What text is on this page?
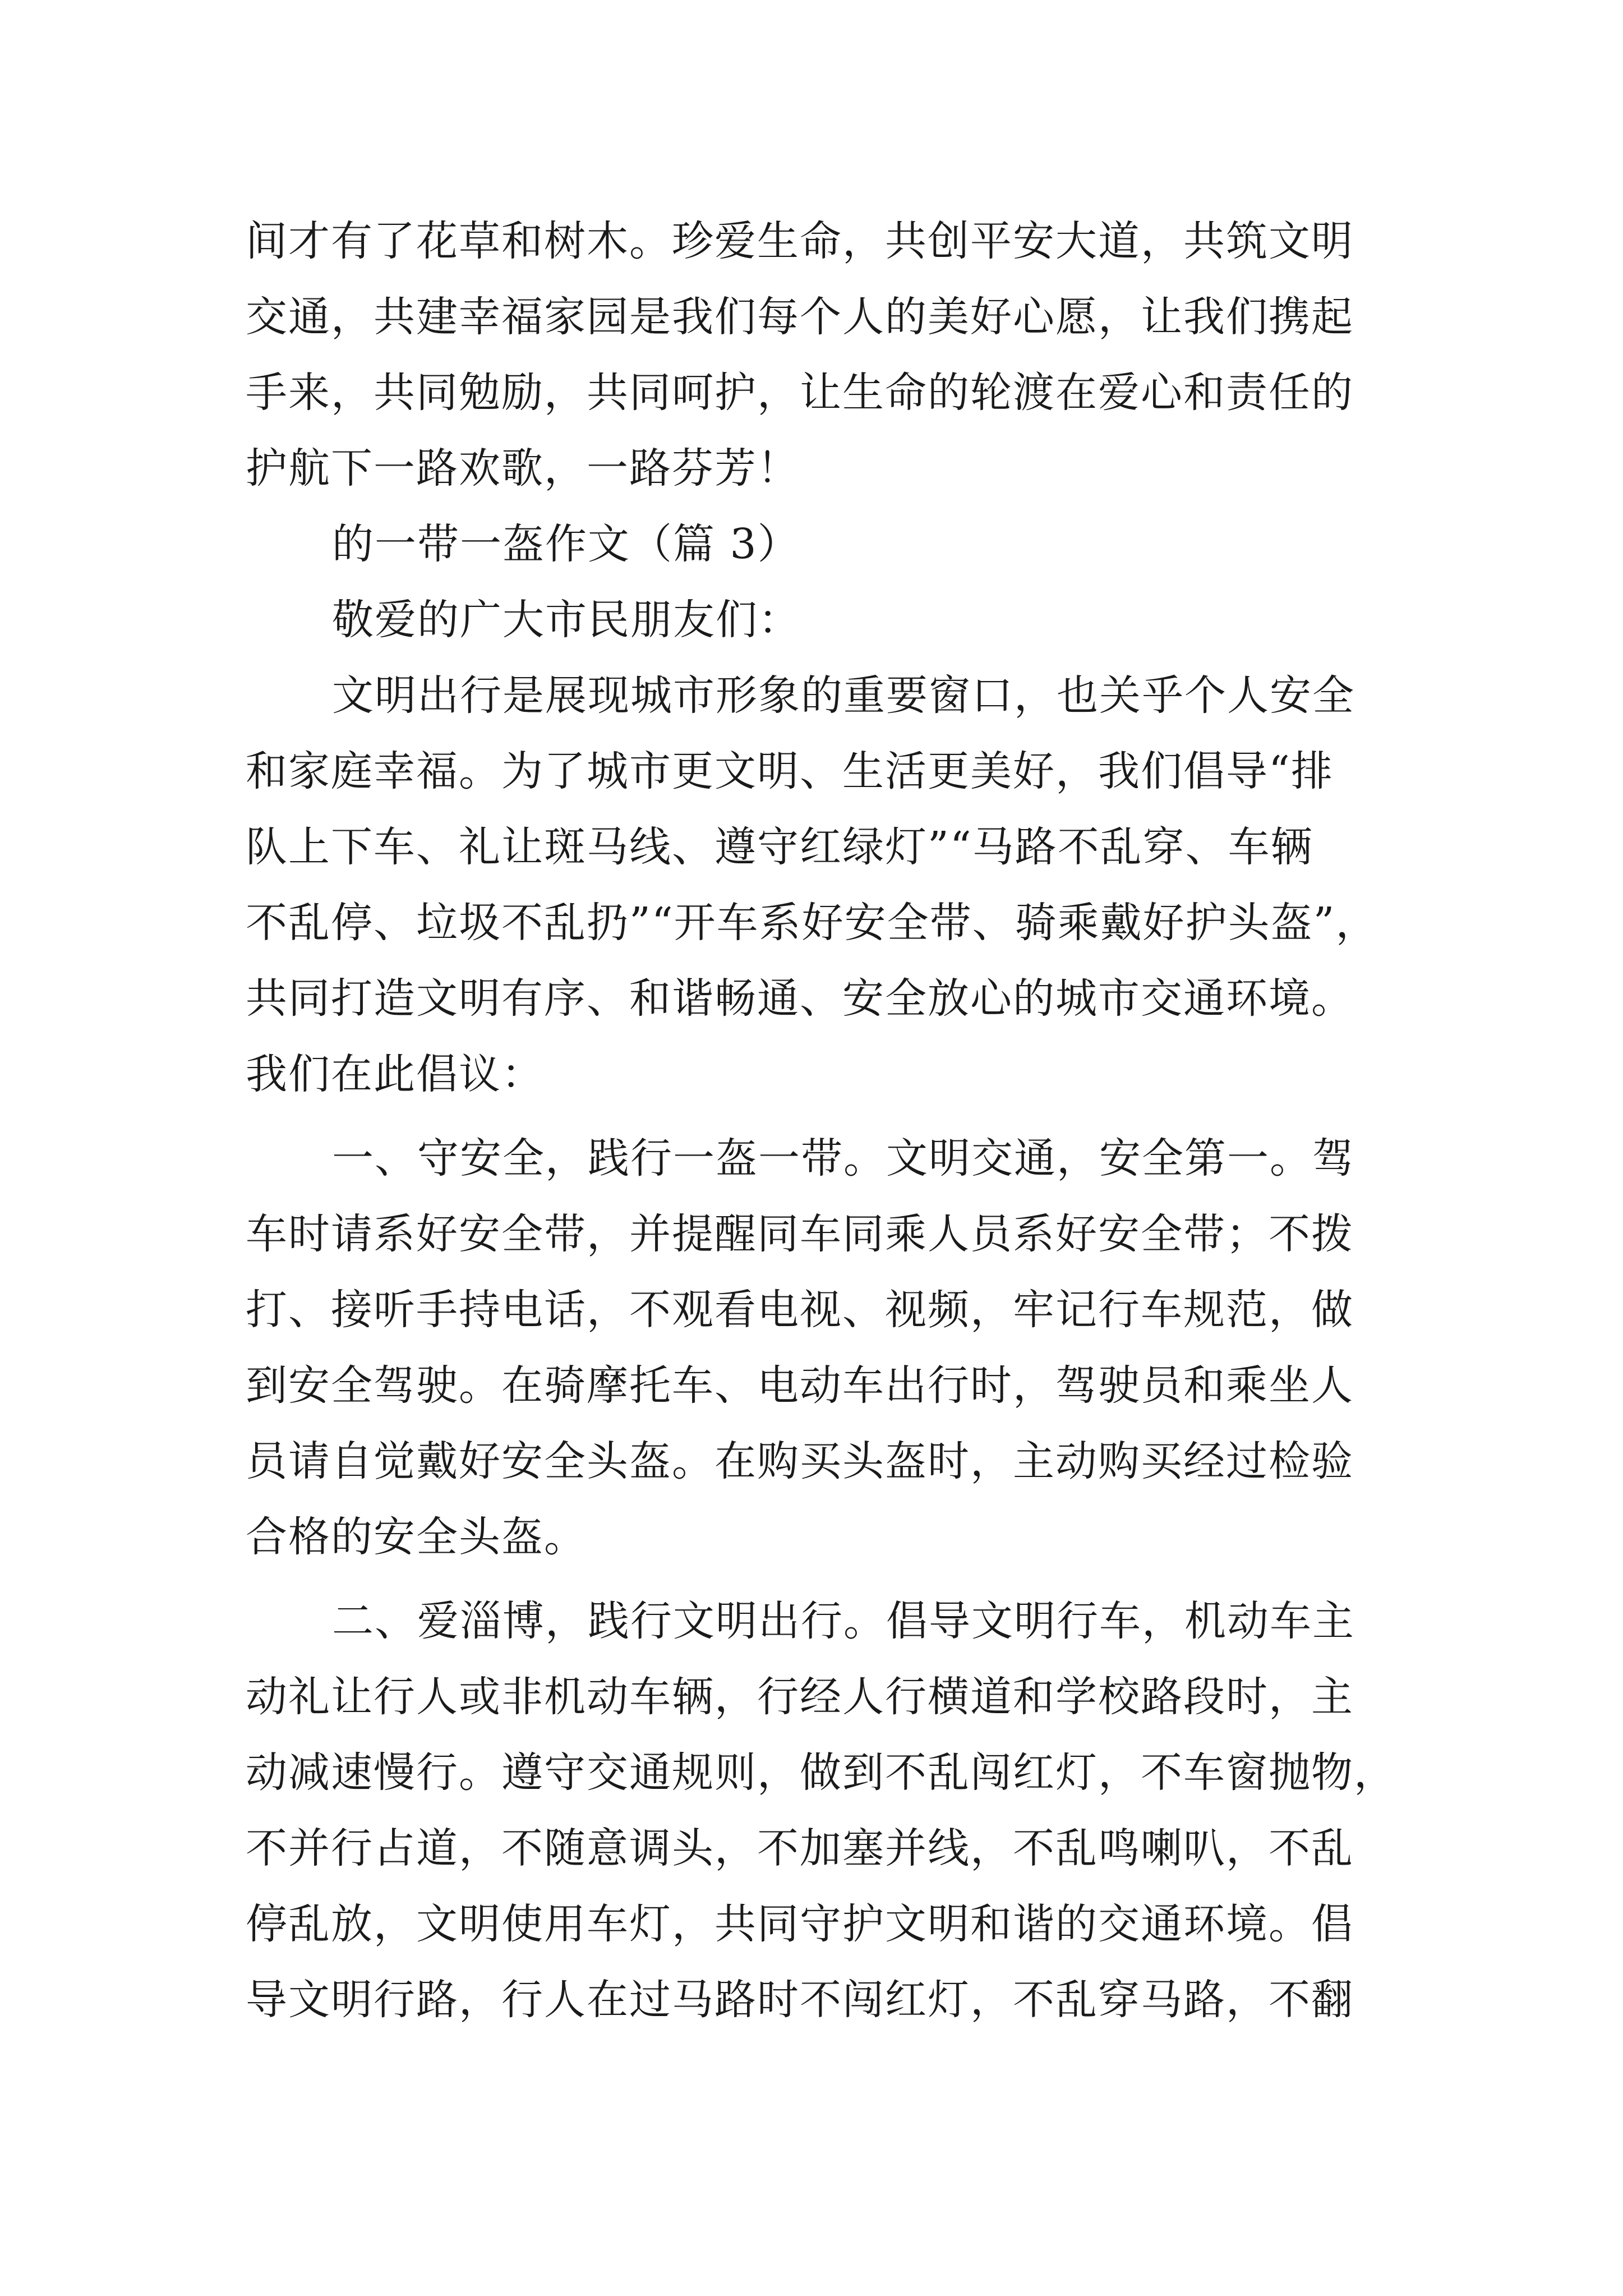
间才有了花草和树木。珍爱生命，共创平安大道，共筑文明
交通，共建幸福家园是我们每个人的美好心愿，让我们携起
手来，共同勉励，共同呵护，让生命的轮渡在爱心和责任的
护航下一路欢歌，一路芬芳！
的一带一盔作文（篇 3）
敬爱的广大市民朋友们：
文明出行是展现城市形象的重要窗口，也关乎个人安全
和家庭幸福。为了城市更文明、生活更美好，我们倡导“排
队上下车、礼让斑马线、遵守红绿灯”“马路不乱穿、车辆
不乱停、垃圾不乱扔”“开车系好安全带、骑乘戴好护头盔”，
共同打造文明有序、和谐畅通、安全放心的城市交通环境。
我们在此倡议：
一、守安全，践行一盔一带。文明交通，安全第一。驾
车时请系好安全带，并提醒同车同乘人员系好安全带；不拨
打、接听手持电话，不观看电视、视频，牢记行车规范，做
到安全驾驶。在骑摩托车、电动车出行时，驾驶员和乘坐人
员请自觉戴好安全头盔。在购买头盔时，主动购买经过检验
合格的安全头盔。
二、爱淄博，践行文明出行。倡导文明行车，机动车主
动礼让行人或非机动车辆，行经人行横道和学校路段时，主
动减速慢行。遵守交通规则，做到不乱闯红灯，不车窗抛物，
不并行占道，不随意调头，不加塞并线，不乱鸣喇叭，不乱
停乱放，文明使用车灯，共同守护文明和谐的交通环境。倡
导文明行路，行人在过马路时不闯红灯，不乱穿马路，不翻
